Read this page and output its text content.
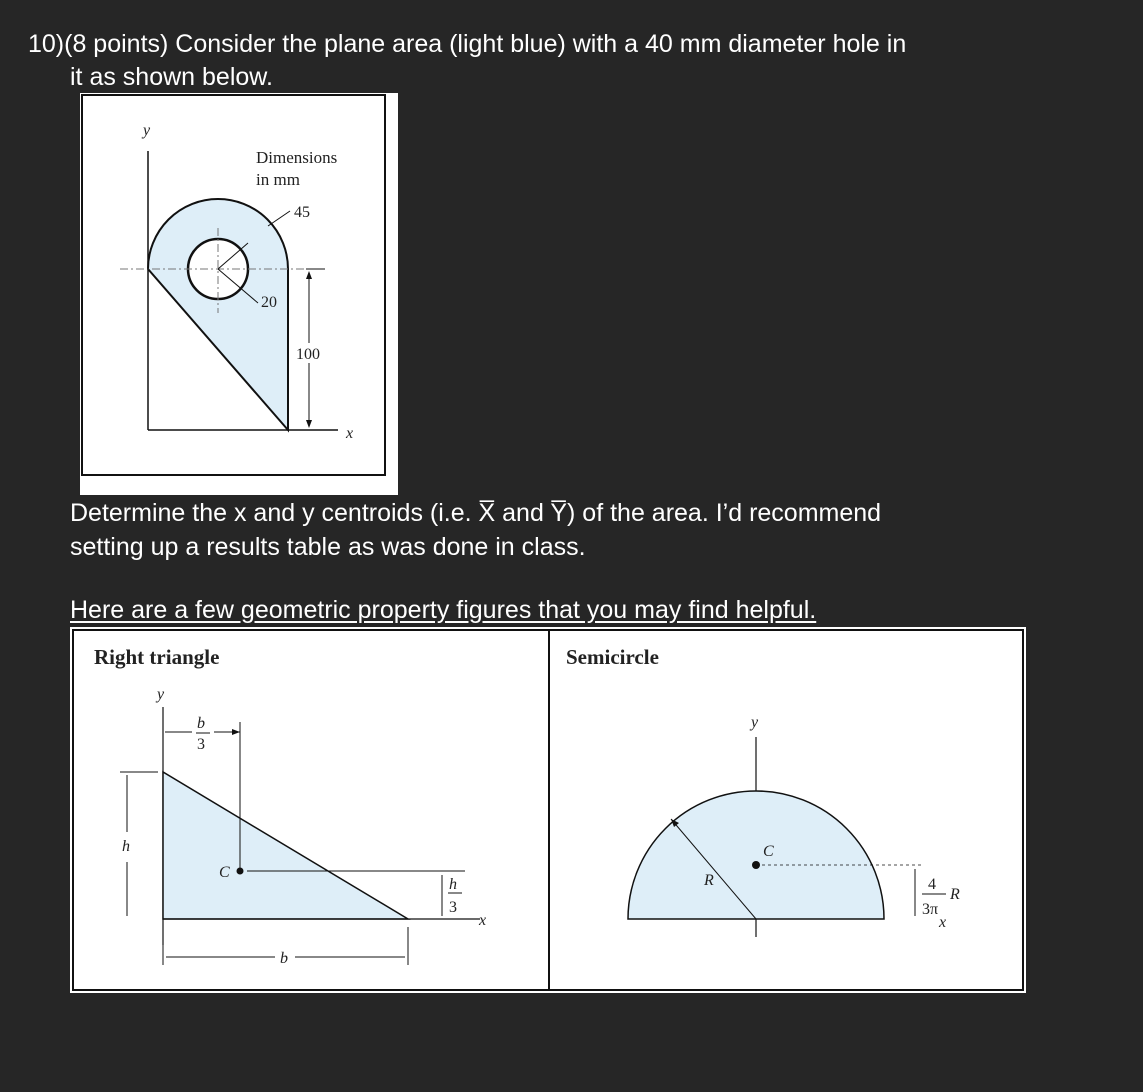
10)(8 points) Consider the plane area (light blue) with a 40 mm diameter hole in
it as shown below.
y
x
Dimensions
in mm
45
20
100
Determine the x and y centroids (i.e. X̅ and Y̅) of the area. I’d recommend
setting up a results table as was done in class.
Here are a few geometric property figures that you may find helpful.
Right triangle
y
x
b
3
h
C
h
3
b
Semicircle
y
x
R
C
4
3π
R
